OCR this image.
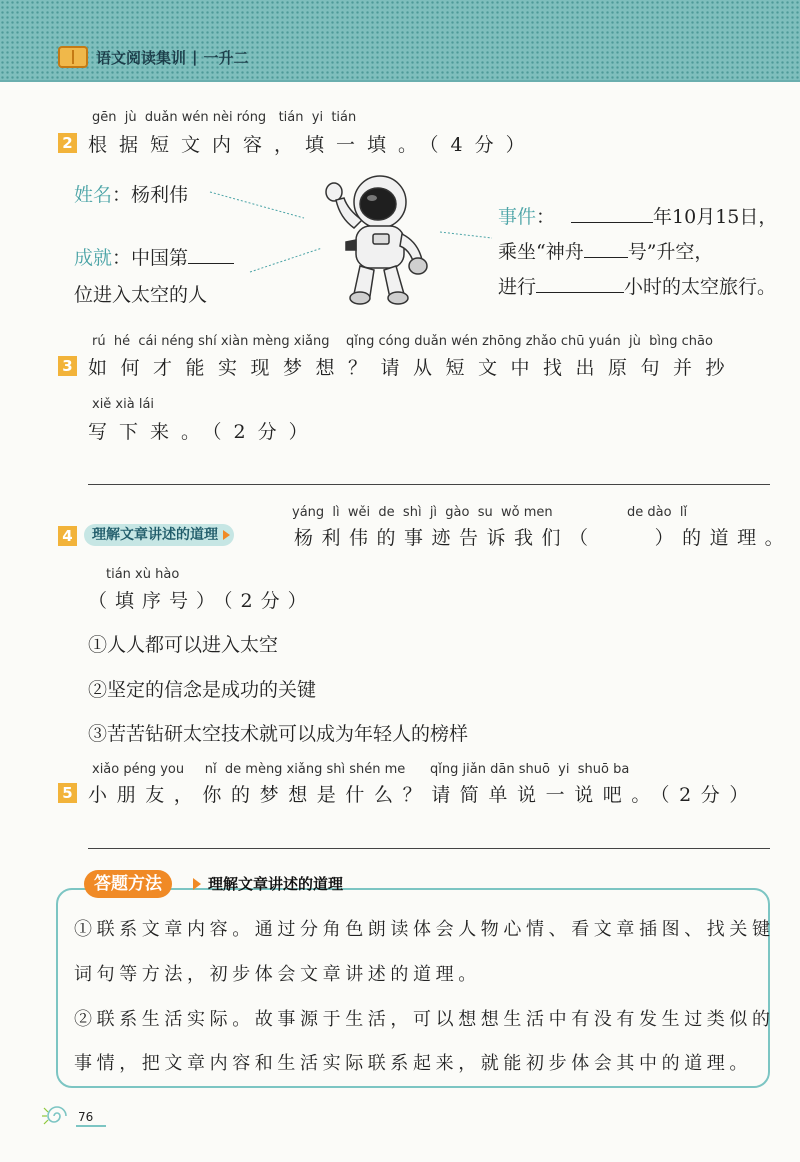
语文阅读集训 | 一升二
gēn  jù  duǎn wén nèi róng   tián  yi  tián
2 根据短文内容，填一填。（4分）
姓名：杨利伟
成就：中国第
位进入太空的人
事件：	年10月15日，
乘坐“神舟 号”升空，
进行	小时的太空旅行。
rú  hé  cái néng shí xiàn mèng xiǎng    qǐng cóng duǎn wén zhōng zhǎo chū yuán  jù  bìng chāo
3 如何才能实现梦想？请从短文中找出原句并抄
xiě xià lái
写下来。（2分）
yáng  lì  wěi  de  shì  jì  gào  su  wǒ men                  de dào  lǐ
4	理解文章讲述的道理	杨利伟的事迹告诉我们（    ）的道理。
tián xù hào
（填序号）（2分）
①人人都可以进入太空
②坚定的信念是成功的关键
③苦苦钻研太空技术就可以成为年轻人的榜样
xiǎo péng you     nǐ  de mèng xiǎng shì shén me      qǐng jiǎn dān shuō  yi  shuō ba
5 小朋友，你的梦想是什么？请简单说一说吧。（2分）
答题方法	理解文章讲述的道理
①联系文章内容。通过分角色朗读体会人物心情、看文章插图、找关键
词句等方法，初步体会文章讲述的道理。
②联系生活实际。故事源于生活，可以想想生活中有没有发生过类似的
事情，把文章内容和生活实际联系起来，就能初步体会其中的道理。
76
